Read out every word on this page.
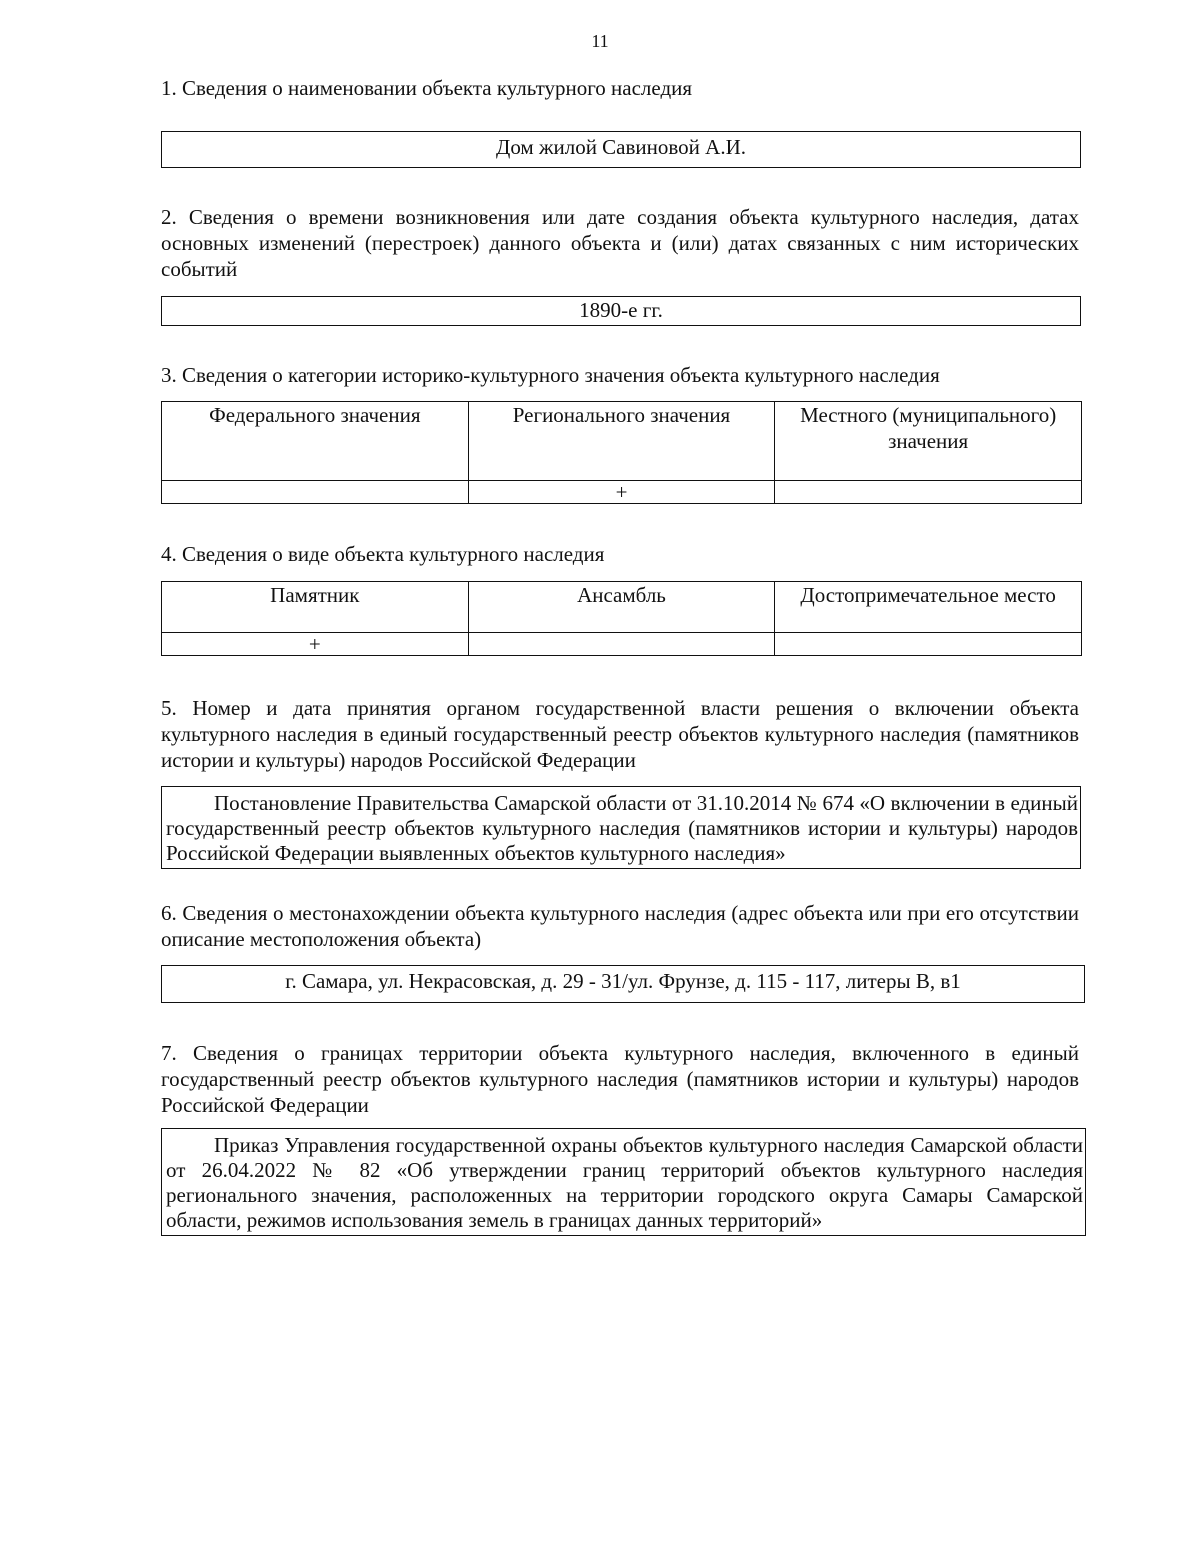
11
1. Сведения о наименовании объекта культурного наследия
Дом жилой Савиновой А.И.
2. Сведения о времени возникновения или дате создания объекта культурного наследия, датах основных изменений (перестроек) данного объекта и (или) датах связанных с ним исторических событий
1890-е гг.
3. Сведения о категории историко-культурного значения объекта культурного наследия
Федерального значения	Регионального значения	Местного (муниципального) значения
	+	
4. Сведения о виде объекта культурного наследия
Памятник	Ансамбль	Достопримечательное место
+		
5. Номер и дата принятия органом государственной власти решения о включении объекта культурного наследия в единый государственный реестр объектов культурного наследия (памятников истории и культуры) народов Российской Федерации
Постановление Правительства Самарской области от 31.10.2014 № 674 «О включении в единый государственный реестр объектов культурного наследия (памятников истории и культуры) народов Российской Федерации выявленных объектов культурного наследия»
6. Сведения о местонахождении объекта культурного наследия (адрес объекта или при его отсутствии описание местоположения объекта)
г. Самара, ул. Некрасовская, д. 29 - 31/ул. Фрунзе, д. 115 - 117, литеры В, в1
7. Сведения о границах территории объекта культурного наследия, включенного в единый государственный реестр объектов культурного наследия (памятников истории и культуры) народов Российской Федерации
Приказ Управления государственной охраны объектов культурного наследия Самарской области от 26.04.2022 № 82 «Об утверждении границ территорий объектов культурного наследия регионального значения, расположенных на территории городского округа Самары Самарской области, режимов использования земель в границах данных территорий»
